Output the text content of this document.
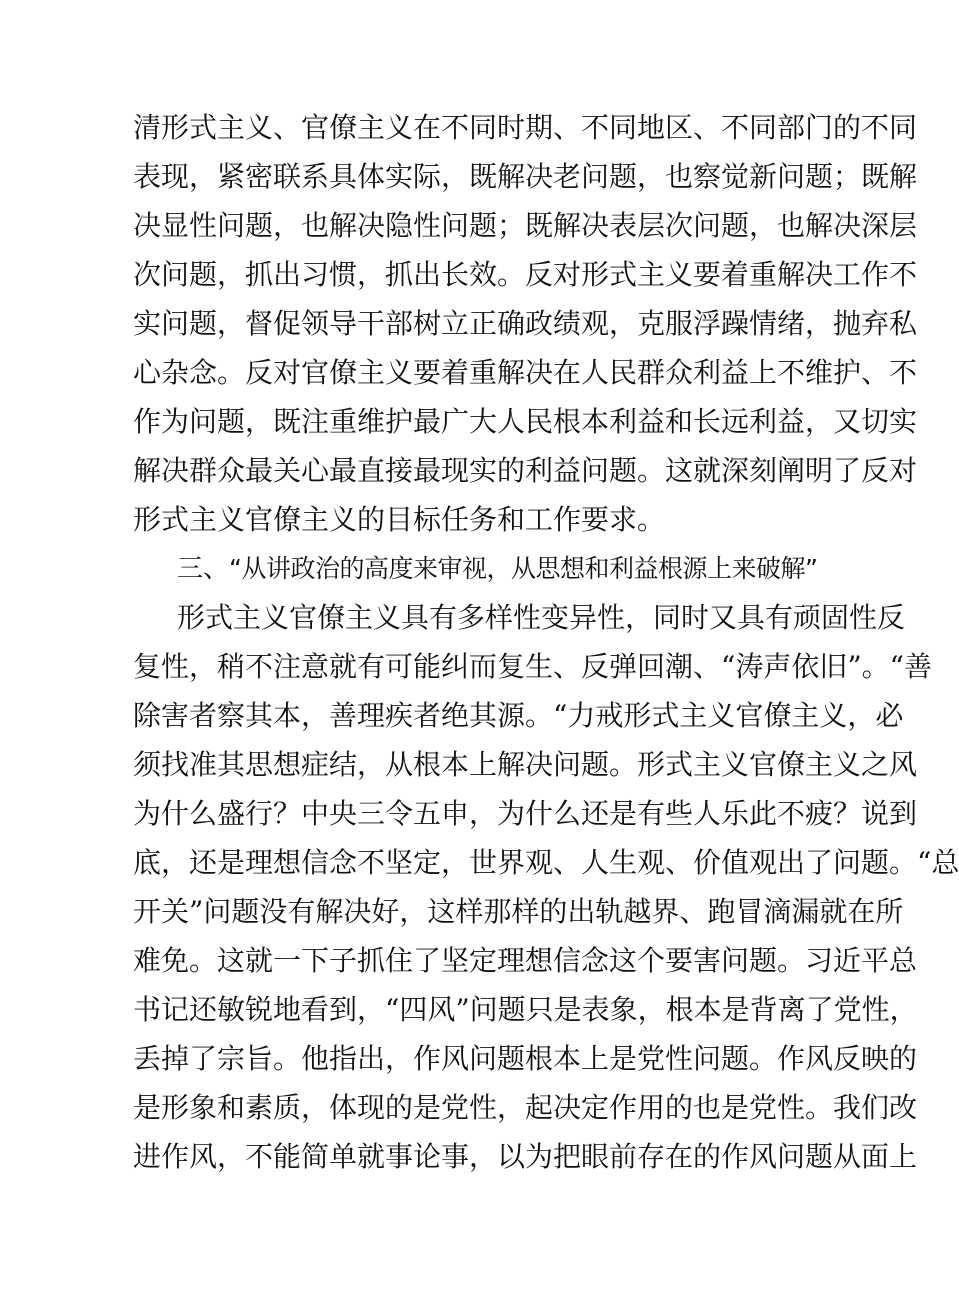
清形式主义、官僚主义在不同时期、不同地区、不同部门的不同
表现，紧密联系具体实际，既解决老问题，也察觉新问题；既解
决显性问题，也解决隐性问题；既解决表层次问题，也解决深层
次问题，抓出习惯，抓出长效。反对形式主义要着重解决工作不
实问题，督促领导干部树立正确政绩观，克服浮躁情绪，抛弃私
心杂念。反对官僚主义要着重解决在人民群众利益上不维护、不
作为问题，既注重维护最广大人民根本利益和长远利益，又切实
解决群众最关心最直接最现实的利益问题。这就深刻阐明了反对
形式主义官僚主义的目标任务和工作要求。
三、 “从讲政治的高度来审视，从思想和利益根源上来破解”
形式主义官僚主义具有多样性变异性，同时又具有顽固性反
复性，稍不注意就有可能纠而复生、反弹回潮、“涛声依旧”。“善
除害者察其本，善理疾者绝其源。“力戒形式主义官僚主义，必
须找准其思想症结，从根本上解决问题。形式主义官僚主义之风
为什么盛行？中央三令五申，为什么还是有些人乐此不疲？说到
底，还是理想信念不坚定，世界观、人生观、价值观出了问题。“总
开关”问题没有解决好，这样那样的出轨越界、跑冒滴漏就在所
难免。这就一下子抓住了坚定理想信念这个要害问题。习近平总
书记还敏锐地看到，“四风”问题只是表象，根本是背离了党性，
丢掉了宗旨。他指出，作风问题根本上是党性问题。作风反映的
是形象和素质，体现的是党性，起决定作用的也是党性。我们改
进作风，不能简单就事论事，以为把眼前存在的作风问题从面上
